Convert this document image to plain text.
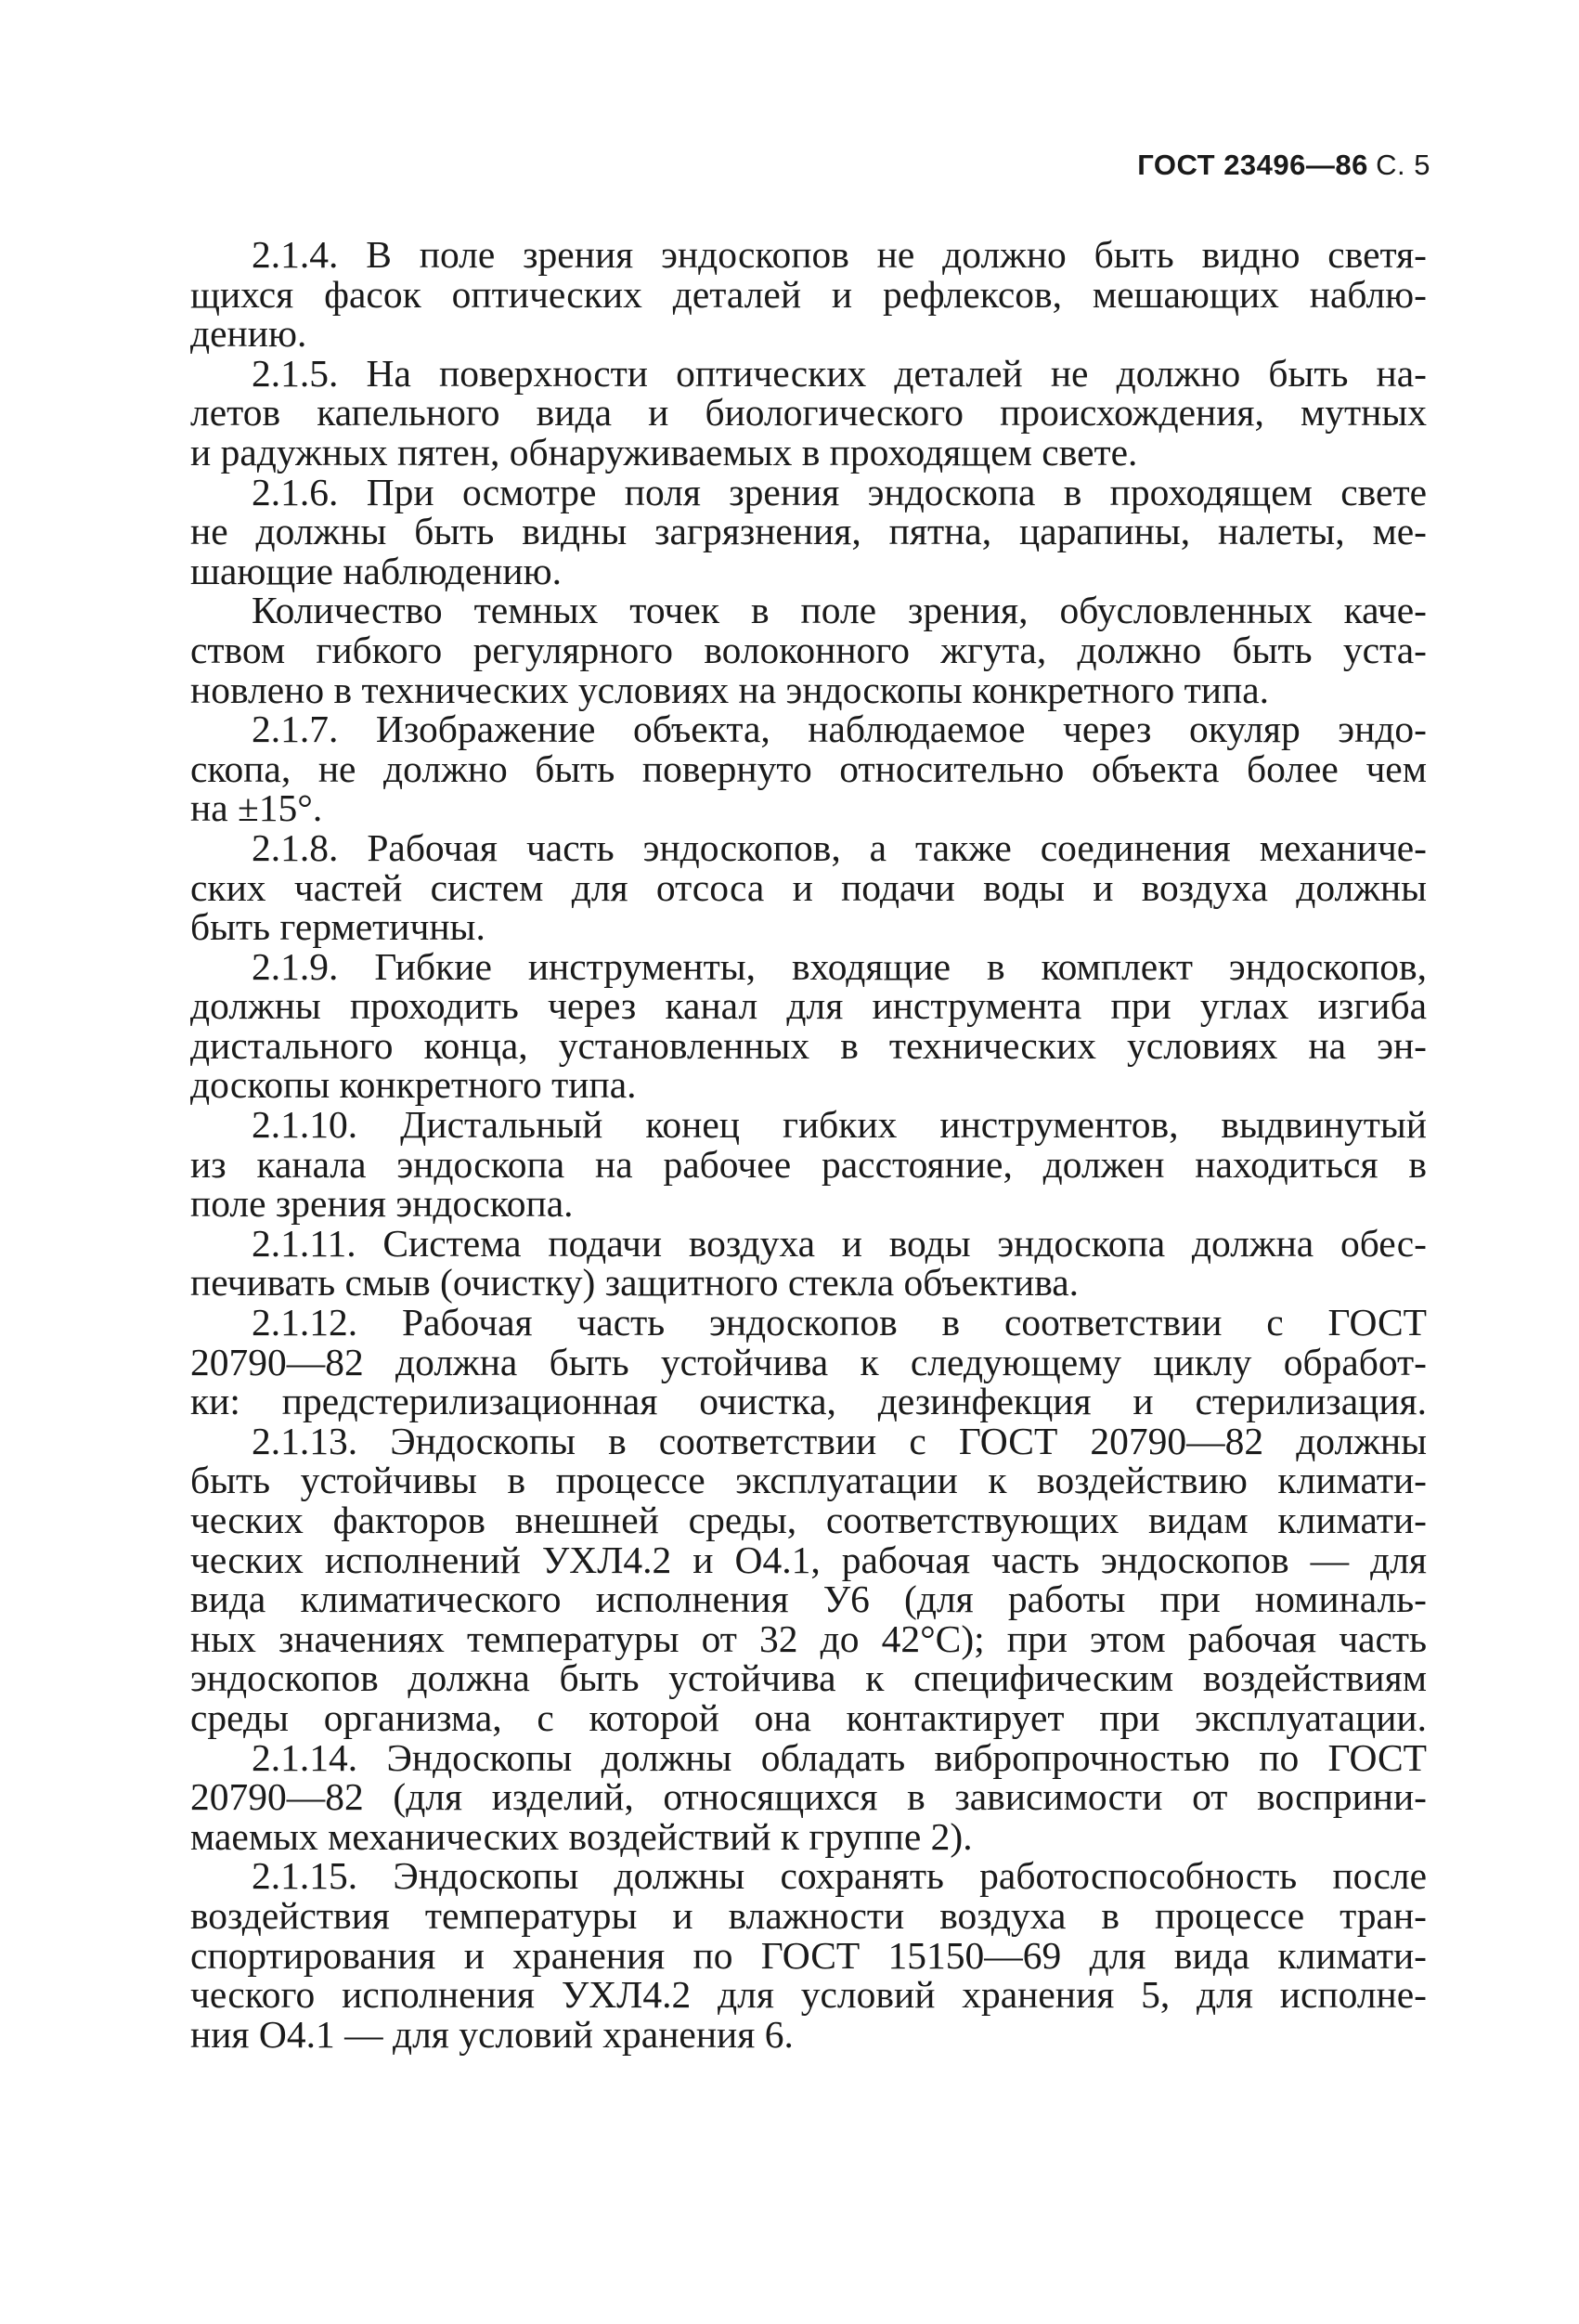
ГОСТ 23496—86 С. 5
2.1.4. В поле зрения эндоскопов не должно быть видно светя-
щихся фасок оптических деталей и рефлексов, мешающих наблю-
дению.
2.1.5. На поверхности оптических деталей не должно быть на-
летов капельного вида и биологического происхождения, мутных
и радужных пятен, обнаруживаемых в проходящем свете.
2.1.6. При осмотре поля зрения эндоскопа в проходящем свете
не должны быть видны загрязнения, пятна, царапины, налеты, ме-
шающие наблюдению.
Количество темных точек в поле зрения, обусловленных каче-
ством гибкого регулярного волоконного жгута, должно быть уста-
новлено в технических условиях на эндоскопы конкретного типа.
2.1.7. Изображение объекта, наблюдаемое через окуляр эндо-
скопа, не должно быть повернуто относительно объекта более чем
на ±15°.
2.1.8. Рабочая часть эндоскопов, а также соединения механиче-
ских частей систем для отсоса и подачи воды и воздуха должны
быть герметичны.
2.1.9. Гибкие инструменты, входящие в комплект эндоскопов,
должны проходить через канал для инструмента при углах изгиба
дистального конца, установленных в технических условиях на эн-
доскопы конкретного типа.
2.1.10. Дистальный конец гибких инструментов, выдвинутый
из канала эндоскопа на рабочее расстояние, должен находиться в
поле зрения эндоскопа.
2.1.11. Система подачи воздуха и воды эндоскопа должна обес-
печивать смыв (очистку) защитного стекла объектива.
2.1.12. Рабочая часть эндоскопов в соответствии с ГОСТ
20790—82 должна быть устойчива к следующему циклу обработ-
ки: предстерилизационная очистка, дезинфекция и стерилизация.
2.1.13. Эндоскопы в соответствии с ГОСТ 20790—82 должны
быть устойчивы в процессе эксплуатации к воздействию климати-
ческих факторов внешней среды, соответствующих видам климати-
ческих исполнений УХЛ4.2 и О4.1, рабочая часть эндоскопов — для
вида климатического исполнения У6 (для работы при номиналь-
ных значениях температуры от 32 до 42°С); при этом рабочая часть
эндоскопов должна быть устойчива к специфическим воздействиям
среды организма, с которой она контактирует при эксплуатации.
2.1.14. Эндоскопы должны обладать вибропрочностью по ГОСТ
20790—82 (для изделий, относящихся в зависимости от восприни-
маемых механических воздействий к группе 2).
2.1.15. Эндоскопы должны сохранять работоспособность после
воздействия температуры и влажности воздуха в процессе тран-
спортирования и хранения по ГОСТ 15150—69 для вида климати-
ческого исполнения УХЛ4.2 для условий хранения 5, для исполне-
ния О4.1 — для условий хранения 6.
